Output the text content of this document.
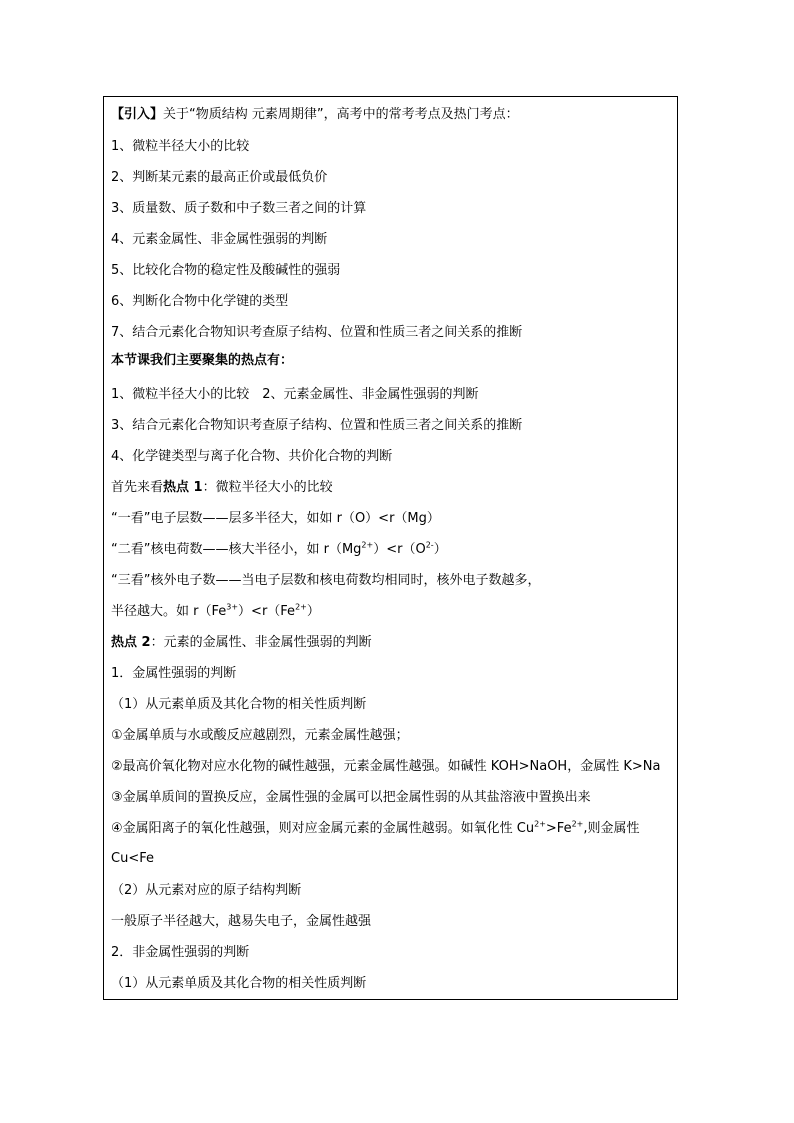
【引入】关于“物质结构 元素周期律”，高考中的常考考点及热门考点：
1、微粒半径大小的比较
2、判断某元素的最高正价或最低负价
3、质量数、质子数和中子数三者之间的计算
4、元素金属性、非金属性强弱的判断
5、比较化合物的稳定性及酸碱性的强弱
6、判断化合物中化学键的类型
7、结合元素化合物知识考查原子结构、位置和性质三者之间关系的推断
本节课我们主要聚集的热点有：
1、微粒半径大小的比较　2、元素金属性、非金属性强弱的判断
3、结合元素化合物知识考查原子结构、位置和性质三者之间关系的推断
4、化学键类型与离子化合物、共价化合物的判断
首先来看热点 1：微粒半径大小的比较
“一看”电子层数——层多半径大，如如 r（O）<r（Mg）
“二看”核电荷数——核大半径小，如 $r(Mg^{2+})<r(O^{2-})$
“三看”核外电子数——当电子层数和核电荷数均相同时，核外电子数越多，
半径越大。如 $r(Fe^{3+})<r(Fe^{2+})$
热点 2：元素的金属性、非金属性强弱的判断
1．金属性强弱的判断
（1）从元素单质及其化合物的相关性质判断
①金属单质与水或酸反应越剧烈，元素金属性越强；
②最高价氧化物对应水化物的碱性越强，元素金属性越强。如碱性 KOH>NaOH，金属性 K>Na
③金属单质间的置换反应，金属性强的金属可以把金属性弱的从其盐溶液中置换出来
④金属阳离子的氧化性越强，则对应金属元素的金属性越弱。如氧化性 $Cu^{2+}>Fe^{2+}$,则金属性
Cu<Fe
（2）从元素对应的原子结构判断
一般原子半径越大，越易失电子，金属性越强
2．非金属性强弱的判断
（1）从元素单质及其化合物的相关性质判断
